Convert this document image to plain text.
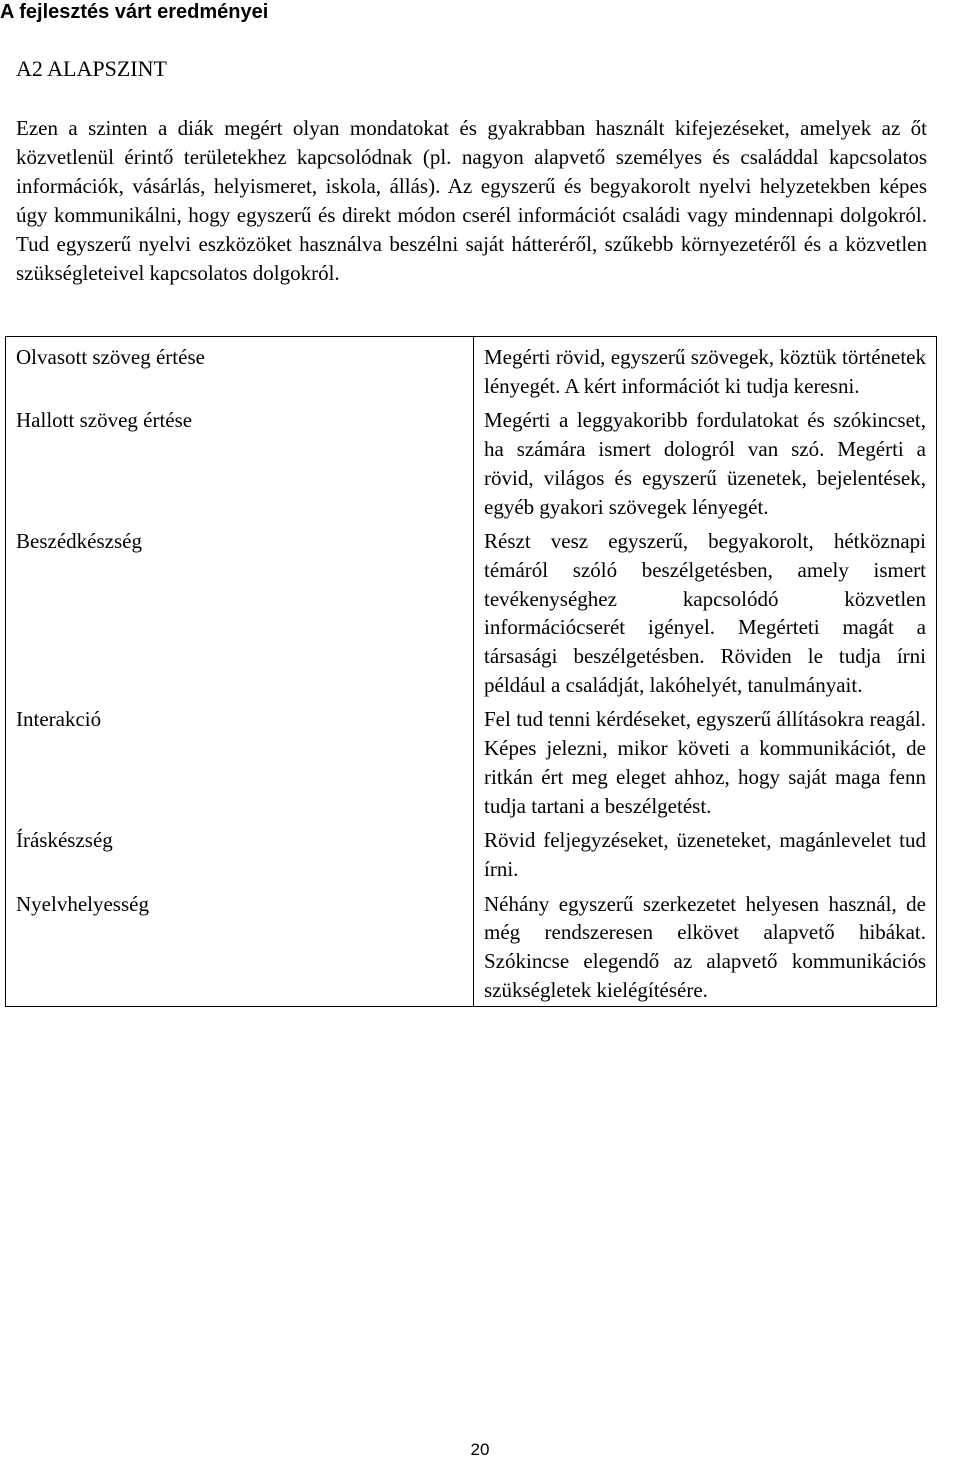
A fejlesztés várt eredményei
A2 ALAPSZINT
Ezen a szinten a diák megért olyan mondatokat és gyakrabban használt kifejezéseket, amelyek az őt közvetlenül érintő területekhez kapcsolódnak (pl. nagyon alapvető személyes és családdal kapcsolatos információk, vásárlás, helyismeret, iskola, állás). Az egyszerű és begyakorolt nyelvi helyzetekben képes úgy kommunikálni, hogy egyszerű és direkt módon cserél információt családi vagy mindennapi dolgokról. Tud egyszerű nyelvi eszközöket használva beszélni saját hátteréről, szűkebb környezetéről és a közvetlen szükségleteivel kapcsolatos dolgokról.
Olvasott szöveg értése	Megérti rövid, egyszerű szövegek, köztük történetek lényegét. A kért információt ki tudja keresni.
Hallott szöveg értése	Megérti a leggyakoribb fordulatokat és szókincset, ha számára ismert dologról van szó. Megérti a rövid, világos és egyszerű üzenetek, bejelentések, egyéb gyakori szövegek lényegét.
Beszédkészség	Részt vesz egyszerű, begyakorolt, hétköznapi témáról szóló beszélgetésben, amely ismert tevékenységhez kapcsolódó közvetlen információcserét igényel. Megérteti magát a társasági beszélgetésben. Röviden le tudja írni például a családját, lakóhelyét, tanulmányait.
Interakció	Fel tud tenni kérdéseket, egyszerű állításokra reagál. Képes jelezni, mikor követi a kommunikációt, de ritkán ért meg eleget ahhoz, hogy saját maga fenn tudja tartani a beszélgetést.
Íráskészség	Rövid feljegyzéseket, üzeneteket, magánlevelet tud írni.
Nyelvhelyesség	Néhány egyszerű szerkezetet helyesen használ, de még rendszeresen elkövet alapvető hibákat. Szókincse elegendő az alapvető kommunikációs szükségletek kielégítésére.
20
